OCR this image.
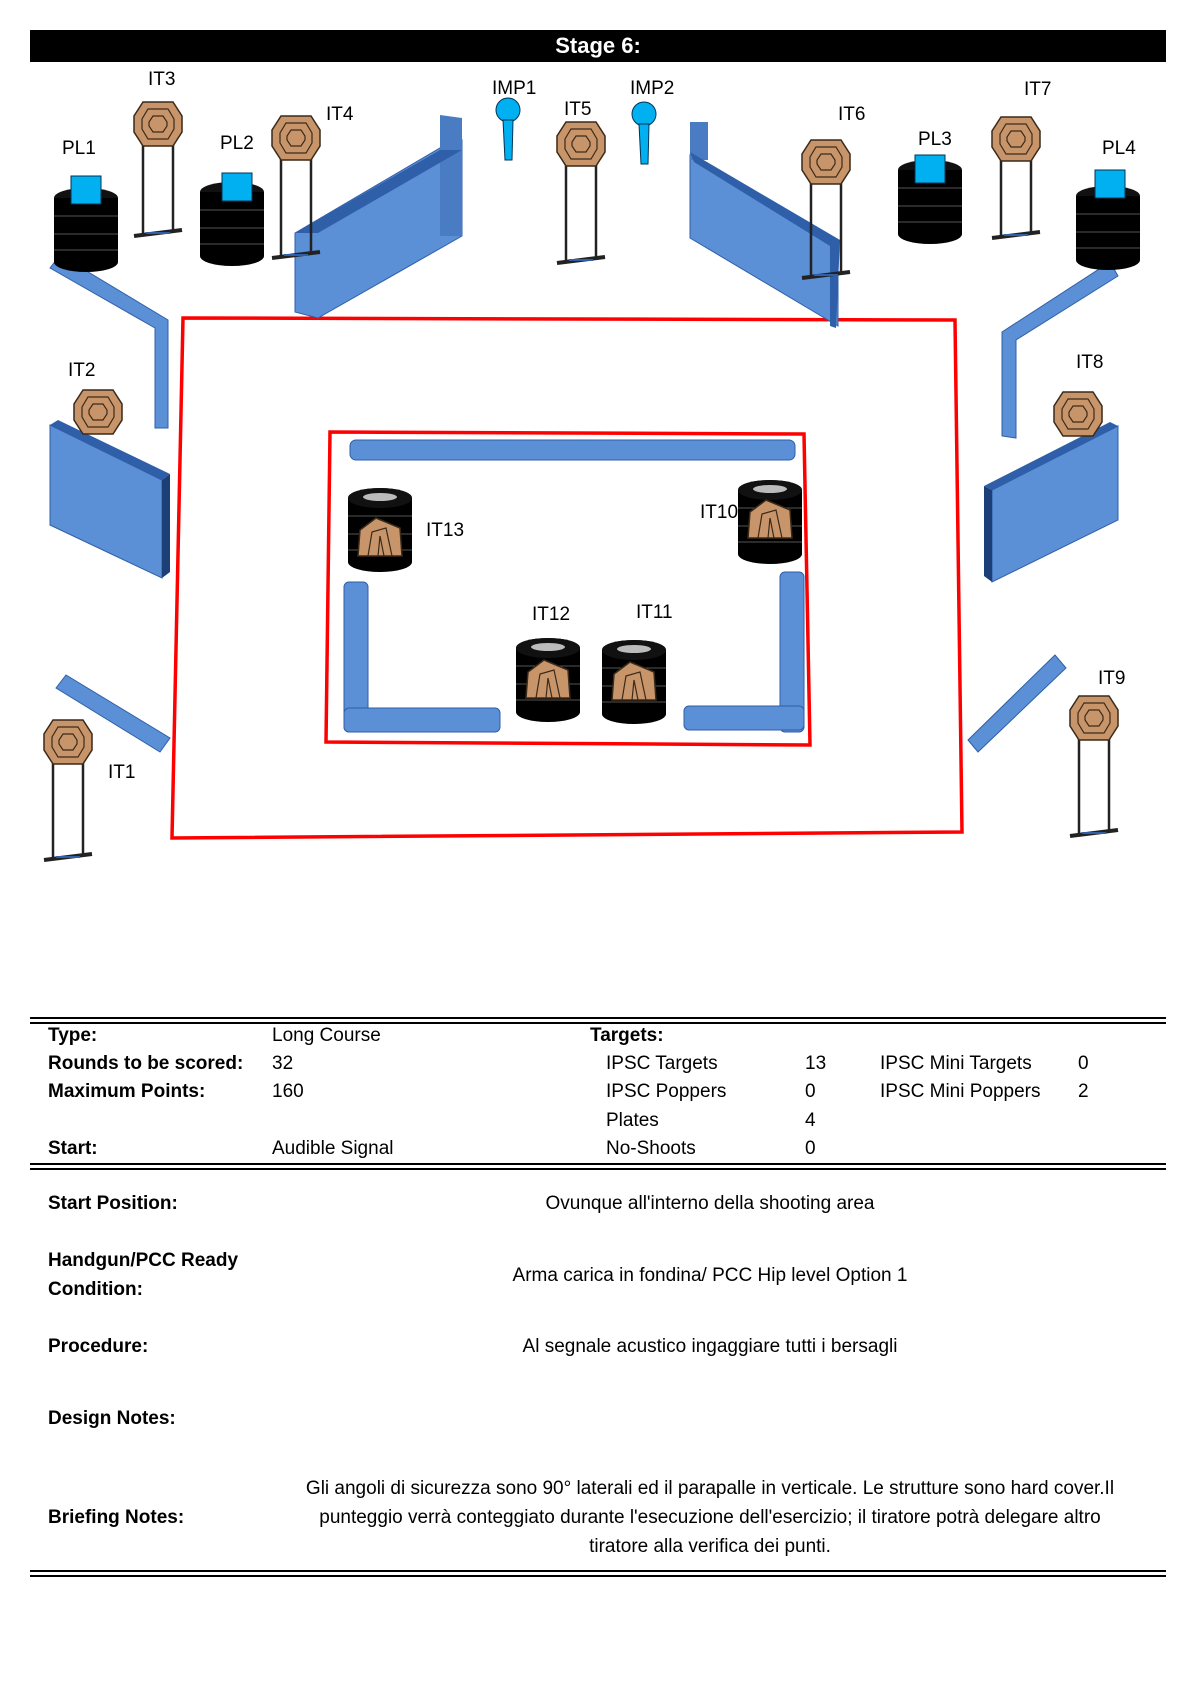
Stage 6:
IT3
IT4
IMP1
IT5
IMP2
IT6
IT7
PL1	PL2	PL3	PL4
IT2	IT8
IT13
IT10
IT12	IT11
IT9
IT1
Type:	Long Course	Targets:
Rounds to be scored: 32	IPSC Targets	13	IPSC Mini Targets 0
Maximum Points:	160	IPSC Poppers	0	IPSC Mini Poppers 2
Plates	4
Start:	Audible Signal	No-Shoots	0
Start Position:	Ovunque all'interno della shooting area
Handgun/PCC Ready
Condition:
Arma carica in fondina/ PCC Hip level Option 1
Procedure:	Al segnale acustico ingaggiare tutti i bersagli
Design Notes:
Briefing Notes:
Gli angoli di sicurezza sono 90° laterali ed il parapalle in verticale. Le strutture sono hard cover.Il
punteggio verrà conteggiato durante l'esecuzione dell'esercizio; il tiratore potrà delegare altro
tiratore alla verifica dei punti.
